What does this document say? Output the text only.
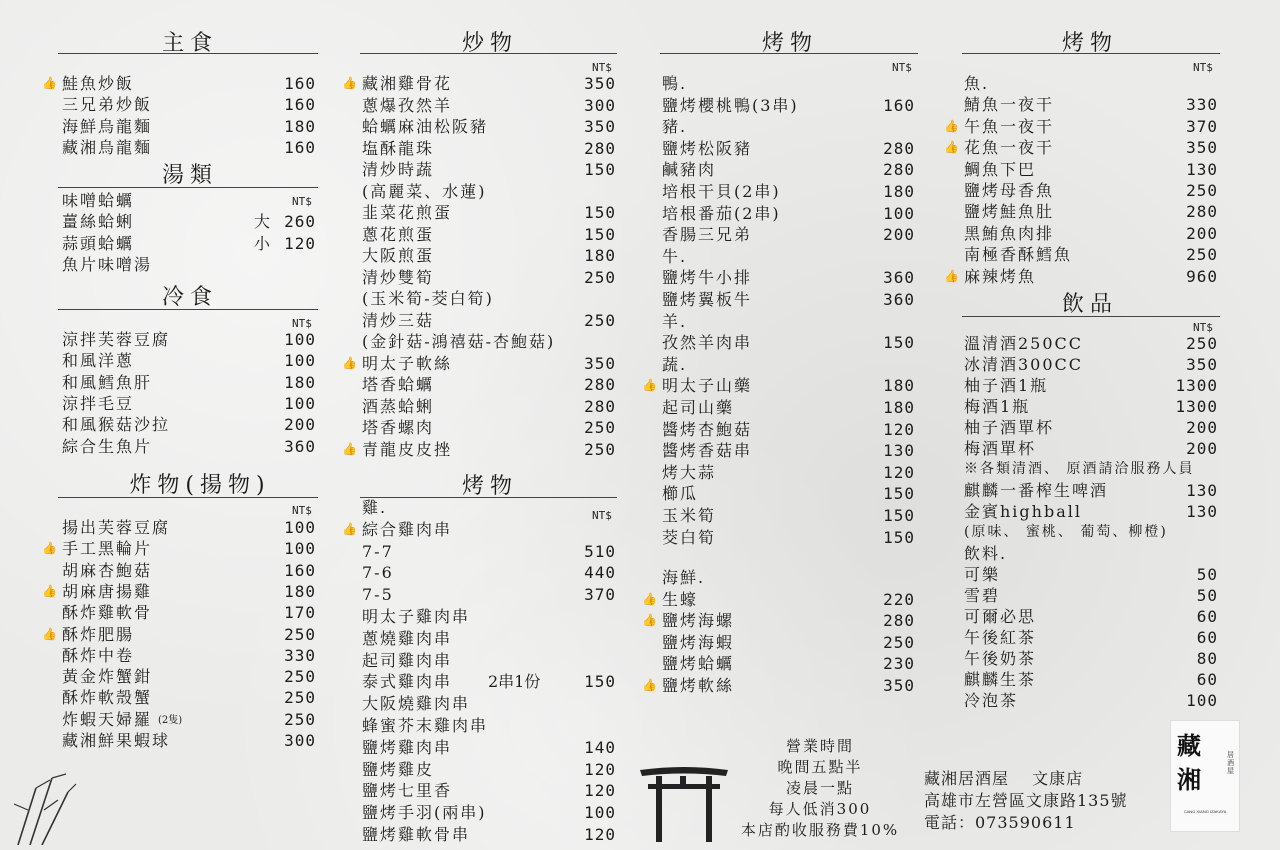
主食
👍 鮭魚炒飯	160
三兄弟炒飯	160
海鮮烏龍麵	180
藏湘烏龍麵	160
湯類
NT$
味噌蛤蠣
薑絲蛤蜊	大 260
蒜頭蛤蠣	小 120
魚片味噌湯
冷食
NT$
涼拌芙蓉豆腐	100
和風洋蔥	100
和風鱈魚肝	180
涼拌毛豆	100
和風猴菇沙拉	200
綜合生魚片	360
炸物(揚物)
NT$
揚出芙蓉豆腐	100
👍 手工黑輪片	100
胡麻杏鮑菇	160
👍 胡麻唐揚雞	180
酥炸雞軟骨	170
👍 酥炸肥腸	250
酥炸中卷	330
黃金炸蟹鉗	250
酥炸軟殼蟹	250
炸蝦天婦羅 (2隻)	250
藏湘鮮果蝦球	300
炒物
NT$
👍 藏湘雞骨花	350
蔥爆孜然羊	300
蛤蠣麻油松阪豬	350
塩酥龍珠	280
清炒時蔬	150
(高麗菜、水蓮)
韭菜花煎蛋	150
蔥花煎蛋	150
大阪煎蛋	180
清炒雙筍	250
(玉米筍-茭白筍)
清炒三菇	250
(金針菇-鴻禧菇-杏鮑菇)
👍 明太子軟絲	350
塔香蛤蠣	280
酒蒸蛤蜊	280
塔香螺肉	250
👍 青龍皮皮挫	250
烤物
NT$
雞.
👍 綜合雞肉串
7-7	510
7-6	440
7-5	370
明太子雞肉串
蔥燒雞肉串
起司雞肉串
泰式雞肉串 2串1份	150
大阪燒雞肉串
蜂蜜芥末雞肉串
鹽烤雞肉串	140
鹽烤雞皮	120
鹽烤七里香	120
鹽烤手羽(兩串)	100
鹽烤雞軟骨串	120
烤物
NT$
鴨.
鹽烤櫻桃鴨(3串)	160
豬.
鹽烤松阪豬	280
鹹豬肉	280
培根干貝(2串)	180
培根番茄(2串)	100
香腸三兄弟	200
牛.
鹽烤牛小排	360
鹽烤翼板牛	360
羊.
孜然羊肉串	150
蔬.
👍 明太子山藥	180
起司山藥	180
醬烤杏鮑菇	120
醬烤香菇串	130
烤大蒜	120
櫛瓜	150
玉米筍	150
茭白筍	150
海鮮.
👍 生蠔	220
👍 鹽烤海螺	280
鹽烤海蝦	250
鹽烤蛤蠣	230
👍 鹽烤軟絲	350
營業時間
晚間五點半
凌晨一點
每人低消300
本店酌收服務費10%
烤物
NT$
魚.
鯖魚一夜干	330
👍 午魚一夜干	370
👍 花魚一夜干	350
鯛魚下巴	130
鹽烤母香魚	250
鹽烤鮭魚肚	280
黑鮪魚肉排	200
南極香酥鱈魚	250
👍 麻辣烤魚	960
飲品
NT$
溫清酒250CC	250
冰清酒300CC	350
柚子酒1瓶	1300
梅酒1瓶	1300
柚子酒單杯	200
梅酒單杯	200
※各類清酒、 原酒請洽服務人員
麒麟一番榨生啤酒	130
金賓highball	130
(原味、 蜜桃、 葡萄、柳橙)
飲料.
可樂	50
雪碧	50
可爾必思	60
午後紅茶	60
午後奶茶	80
麒麟生茶	60
冷泡茶	100
藏湘居酒屋　 文康店
高雄市左營區文康路135號
電話：073590611
藏湘
居酒屋
CANG XIANG IZAKAYA
